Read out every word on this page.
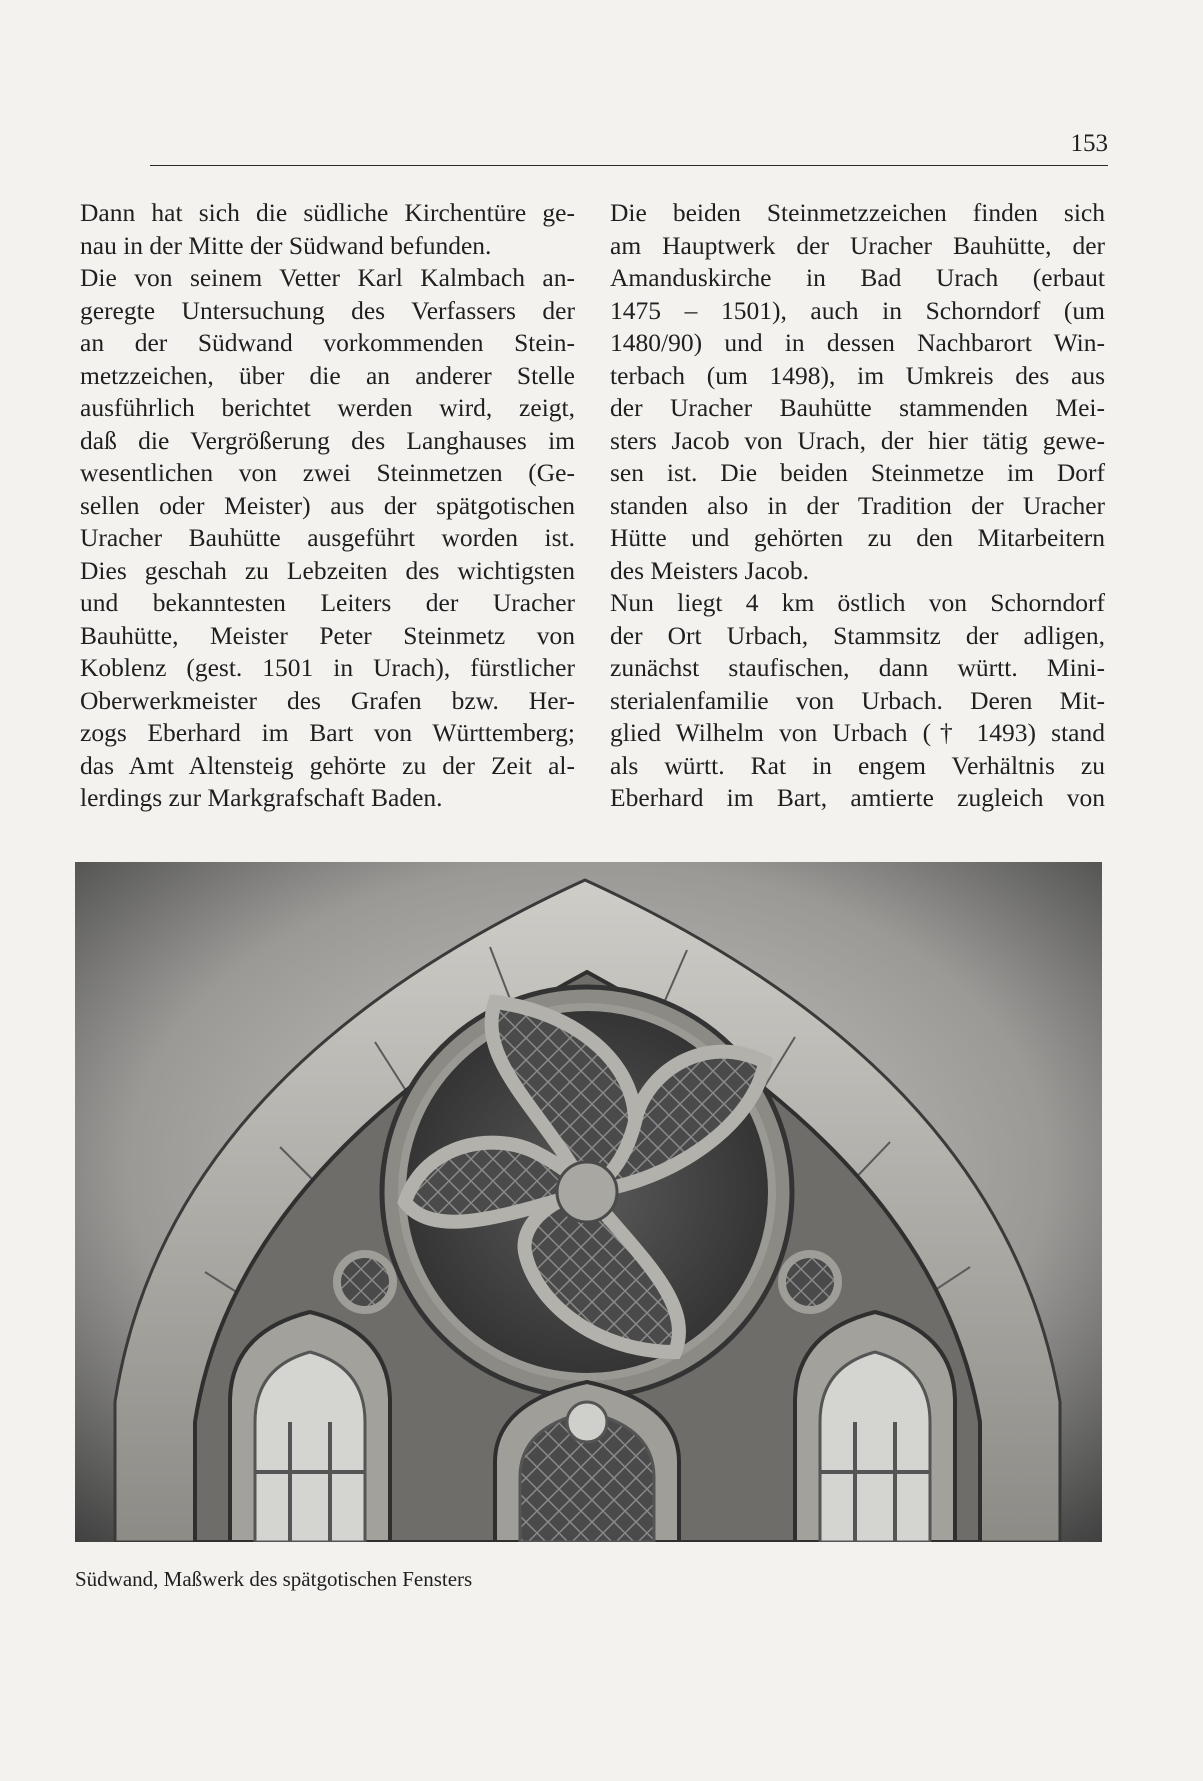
153
Dann hat sich die südliche Kirchentüre ge-
nau in der Mitte der Südwand befunden.
Die von seinem Vetter Karl Kalmbach an-
geregte Untersuchung des Verfassers der
an der Südwand vorkommenden Stein-
metzzeichen, über die an anderer Stelle
ausführlich berichtet werden wird, zeigt,
daß die Vergrößerung des Langhauses im
wesentlichen von zwei Steinmetzen (Ge-
sellen oder Meister) aus der spätgotischen
Uracher Bauhütte ausgeführt worden ist.
Dies geschah zu Lebzeiten des wichtigsten
und bekanntesten Leiters der Uracher
Bauhütte, Meister Peter Steinmetz von
Koblenz (gest. 1501 in Urach), fürstlicher
Oberwerkmeister des Grafen bzw. Her-
zogs Eberhard im Bart von Württemberg;
das Amt Altensteig gehörte zu der Zeit al-
lerdings zur Markgrafschaft Baden.
Die beiden Steinmetzzeichen finden sich
am Hauptwerk der Uracher Bauhütte, der
Amanduskirche in Bad Urach (erbaut
1475 – 1501), auch in Schorndorf (um
1480/90) und in dessen Nachbarort Win-
terbach (um 1498), im Umkreis des aus
der Uracher Bauhütte stammenden Mei-
sters Jacob von Urach, der hier tätig gewe-
sen ist. Die beiden Steinmetze im Dorf
standen also in der Tradition der Uracher
Hütte und gehörten zu den Mitarbeitern
des Meisters Jacob.
Nun liegt 4 km östlich von Schorndorf
der Ort Urbach, Stammsitz der adligen,
zunächst staufischen, dann württ. Mini-
sterialenfamilie von Urbach. Deren Mit-
glied Wilhelm von Urbach († 1493) stand
als württ. Rat in engem Verhältnis zu
Eberhard im Bart, amtierte zugleich von
Südwand, Maßwerk des spätgotischen Fensters
